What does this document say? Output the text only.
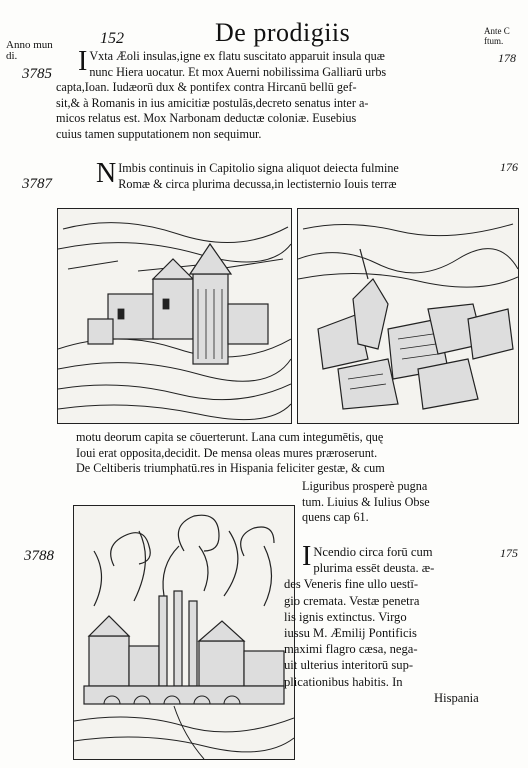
Anno mun
di.
152	De prodigiis	Ante C
ftum.
3785
178
I Vxta Æoli insulas,igne ex flatu suscitato apparuit insula quæ
nunc Hiera uocatur. Et mox Auerni nobilissima Galliarū urbs
capta,Ioan. Iudæorū dux & pontifex contra Hircanū bellū gef-
sit,& à Romanis in ius amicitiæ postulās,decreto senatus inter a-
micos relatus est. Mox Narbonam deductæ coloniæ. Eusebius
cuius tamen supputationem non sequimur.
3787
176
N Imbis continuis in Capitolio signa aliquot deiecta fulmine
Romæ & circa plurima decussa,in lectisternio Iouis terræ
motu deorum capita se cōuerterunt. Lana cum integumētis, quę
Ioui erat opposita,decidit. De mensa oleas mures præroserunt.
De Celtiberis triumphatū.res in Hispania feliciter gestæ, & cum
Liguribus prosperè pugna
tum. Liuius & Iulius Obse
quens cap 61.
3788	175
I Ncendio circa forū cum
plurima essēt deusta. æ-
des Veneris fine ullo uestī-
gio cremata. Vestæ penetra
lis ignis extinctus. Virgo
iussu M. Æmilij Pontificis
maximi flagro cæsa, nega-
uit ulterius interitorū sup-
plicationibus habitis. In
Hispania
